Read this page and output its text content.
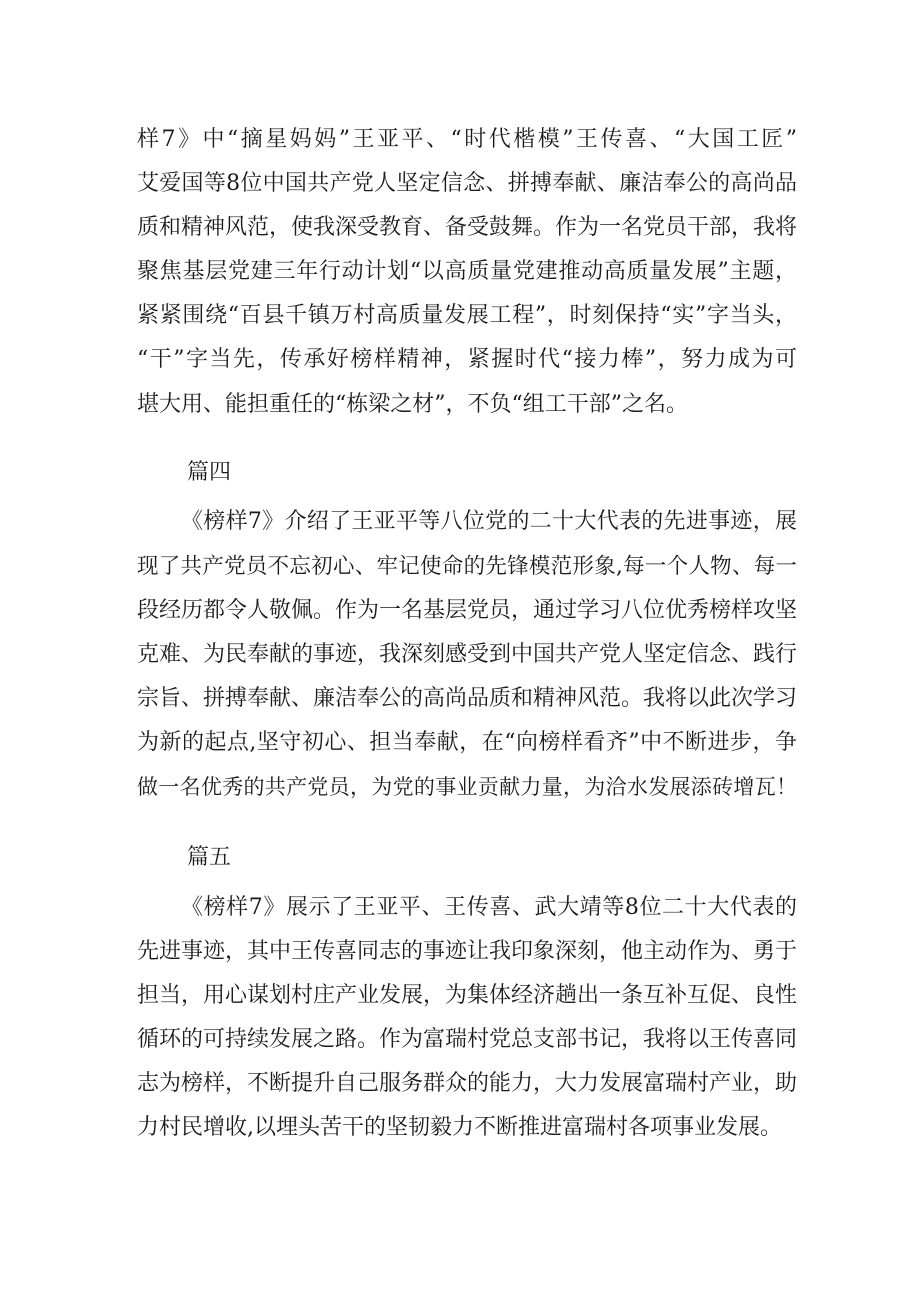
样7》中“摘星妈妈”王亚平、“时代楷模”王传喜、“大国工匠”
艾爱国等8位中国共产党人坚定信念、拼搏奉献、廉洁奉公的高尚品
质和精神风范，使我深受教育、备受鼓舞。作为一名党员干部，我将
聚焦基层党建三年行动计划“以高质量党建推动高质量发展”主题，
紧紧围绕“百县千镇万村高质量发展工程”，时刻保持“实”字当头，
“干”字当先，传承好榜样精神，紧握时代“接力棒”，努力成为可
堪大用、能担重任的“栋梁之材”，不负“组工干部”之名。
篇四
《榜样7》介绍了王亚平等八位党的二十大代表的先进事迹，展
现了共产党员不忘初心、牢记使命的先锋模范形象,每一个人物、每一
段经历都令人敬佩。作为一名基层党员，通过学习八位优秀榜样攻坚
克难、为民奉献的事迹，我深刻感受到中国共产党人坚定信念、践行
宗旨、拼搏奉献、廉洁奉公的高尚品质和精神风范。我将以此次学习
为新的起点,坚守初心、担当奉献，在“向榜样看齐”中不断进步，争
做一名优秀的共产党员，为党的事业贡献力量，为洽水发展添砖增瓦！
篇五
《榜样7》展示了王亚平、王传喜、武大靖等8位二十大代表的
先进事迹，其中王传喜同志的事迹让我印象深刻，他主动作为、勇于
担当，用心谋划村庄产业发展，为集体经济趟出一条互补互促、良性
循环的可持续发展之路。作为富瑞村党总支部书记，我将以王传喜同
志为榜样，不断提升自己服务群众的能力，大力发展富瑞村产业，助
力村民增收,以埋头苦干的坚韧毅力不断推进富瑞村各项事业发展。
